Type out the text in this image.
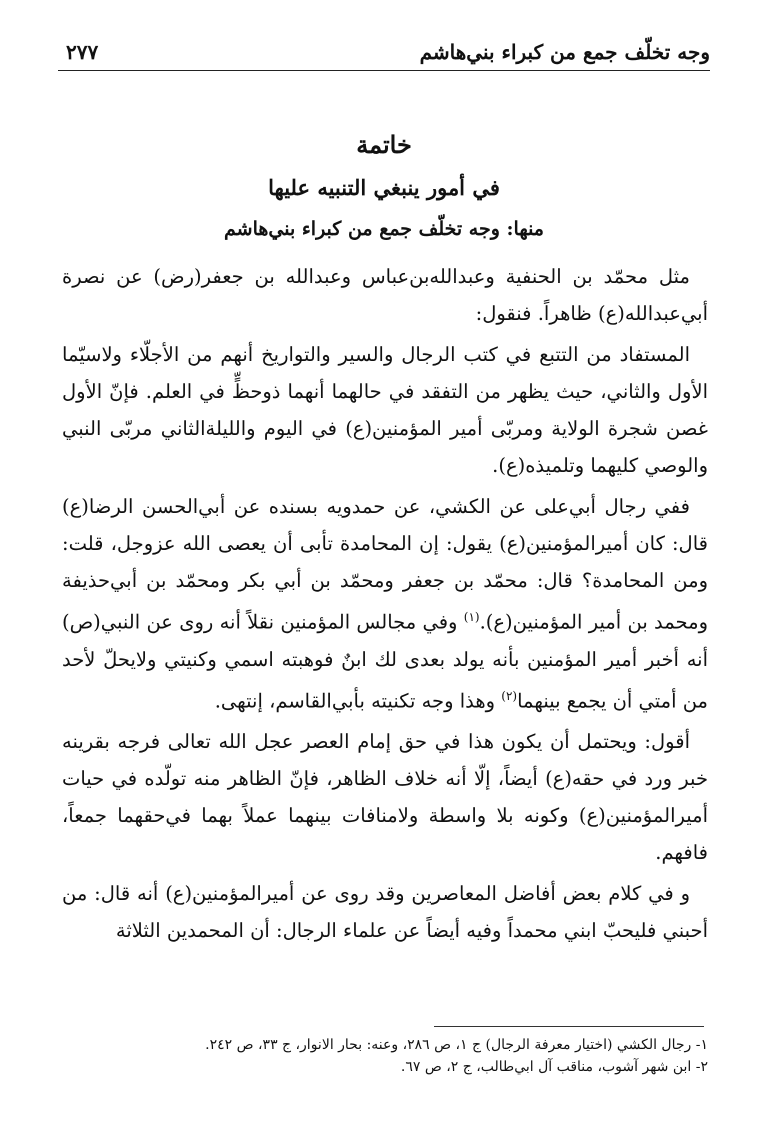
وجه تخلّف جمع من كبراء بني‌هاشم
٢٧٧
خاتمة
في أمور ينبغي التنبيه عليها
منها: وجه تخلّف جمع من كبراء بني‌هاشم

مثل محمّد بن الحنفية وعبدالله‌بن‌عباس وعبدالله بن جعفر(رض) عن نصرة أبي‌عبدالله(ع) ظاهراً. فنقول:

المستفاد من التتبع في كتب الرجال والسير والتواريخ أنهم من الأجلّاء ولاسيّما الأول والثاني، حيث يظهر من التفقد في حالهما أنهما ذوحظٍّ في العلم. فإنّ الأول غصن شجرة الولاية ومربّى أمير المؤمنين(ع) في اليوم والليلة‌الثاني مربّى النبي والوصي كليهما وتلميذه(ع).

ففي رجال أبي‌على عن الكشي، عن حمدويه بسنده عن أبي‌الحسن الرضا(ع) قال: كان أميرالمؤمنين(ع) يقول: إن المحامدة تأبى أن يعصى الله عزوجل، قلت: ومن المحامدة؟ قال: محمّد بن جعفر ومحمّد بن أبي بكر ومحمّد بن أبي‌حذيفة ومحمد بن أمير المؤمنين(ع).$^{(١)}$ وفي مجالس المؤمنين نقلاً أنه روى عن النبي(ص) أنه أخبر أمير المؤمنين بأنه يولد بعدى لك ابنٌ فوهبته اسمي وكنيتي ولايحلّ لأحد من أمتي أن يجمع بينهما$^{(٢)}$ وهذا وجه تكنيته بأبي‌القاسم، إنتهى.

أقول: ويحتمل أن يكون هذا في حق إمام العصر عجل الله تعالى فرجه بقرينه خبر ورد في حقه(ع) أيضاً، إلّا أنه خلاف الظاهر، فإنّ الظاهر منه تولّده في حيات أميرالمؤمنين(ع) وكونه بلا واسطة ولامنافات بينهما عملاً بهما في‌حقهما جمعاً، فافهم.

و في كلام بعض أفاضل المعاصرين وقد روى عن أميرالمؤمنين(ع) أنه قال: من أحبني فليحبّ ابني محمداً وفيه أيضاً عن علماء الرجال: أن المحمدين الثلاثة

١- رجال الكشي (اختيار معرفة الرجال) ج ١، ص ٢٨٦، وعنه: بحار الانوار، ج ٣٣، ص ٢٤٢.
٢- ابن شهر آشوب، مناقب آل ابي‌طالب، ج ٢، ص ٦٧.
